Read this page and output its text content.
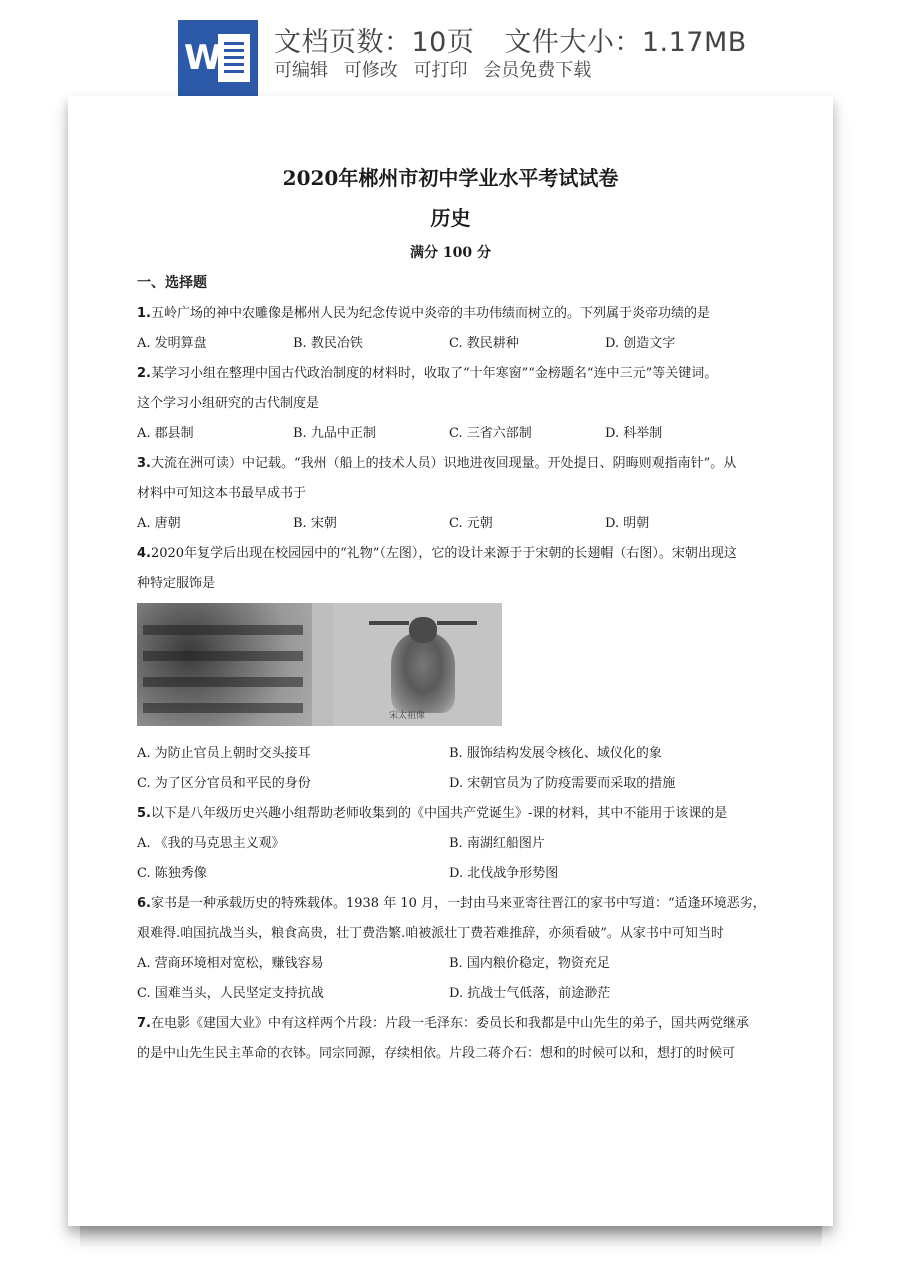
W 文档页数：10页 文件大小：1.17MB
可编辑 可修改 可打印 会员免费下载
2020年郴州市初中学业水平考试试卷
历史
满分 100 分
一、选择题
1.五岭广场的神中农雕像是郴州人民为纪念传说中炎帝的丰功伟绩而树立的。下列属于炎帝功绩的是
A. 发明算盘	B. 教民冶铁	C. 教民耕种	D. 创造文字
2.某学习小组在整理中国古代政治制度的材料时，收取了“十年寒窗”“金榜题名“连中三元”等关键词。
这个学习小组研究的古代制度是
A. 郡县制	B. 九品中正制	C. 三省六部制	D. 科举制
3.大流在洲可读）中记载。“我州（船上的技术人员）识地进夜回现量。开处提日、阴晦则观指南针”。从
材料中可知这本书最早成书于
A. 唐朝	B. 宋朝	C. 元朝	D. 明朝
4.2020年复学后出现在校园园中的“礼物”（左图），它的设计来源于于宋朝的长翅帽（右图）。宋朝出现这
种特定服饰是
宋太祖像
A. 为防止官员上朝时交头接耳	B. 服饰结构发展令核化、域仪化的象
C. 为了区分官员和平民的身份	D. 宋朝官员为了防疫需要而采取的措施
5.以下是八年级历史兴趣小组帮助老师收集到的《中国共产党诞生》-课的材料，其中不能用于该课的是
A. 《我的马克思主义观》	B. 南湖红船图片
C. 陈独秀像	D. 北伐战争形势图
6.家书是一种承载历史的特殊载体。1938 年 10 月，一封由马来亚寄往晋江的家书中写道：“适逢环境恶劣，
艰难得.咱国抗战当头，粮食高贵，壮丁费浩繁.咱被派壮丁费若难推辞，亦须看破”。从家书中可知当时
A. 营商环境相对宽松，赚钱容易	B. 国内粮价稳定，物资充足
C. 国难当头，人民坚定支持抗战	D. 抗战士气低落，前途渺茫
7.在电影《建国大业》中有这样两个片段：片段一毛泽东：委员长和我都是中山先生的弟子，国共两党继承
的是中山先生民主革命的衣钵。同宗同源，存续相依。片段二蒋介石：想和的时候可以和，想打的时候可
